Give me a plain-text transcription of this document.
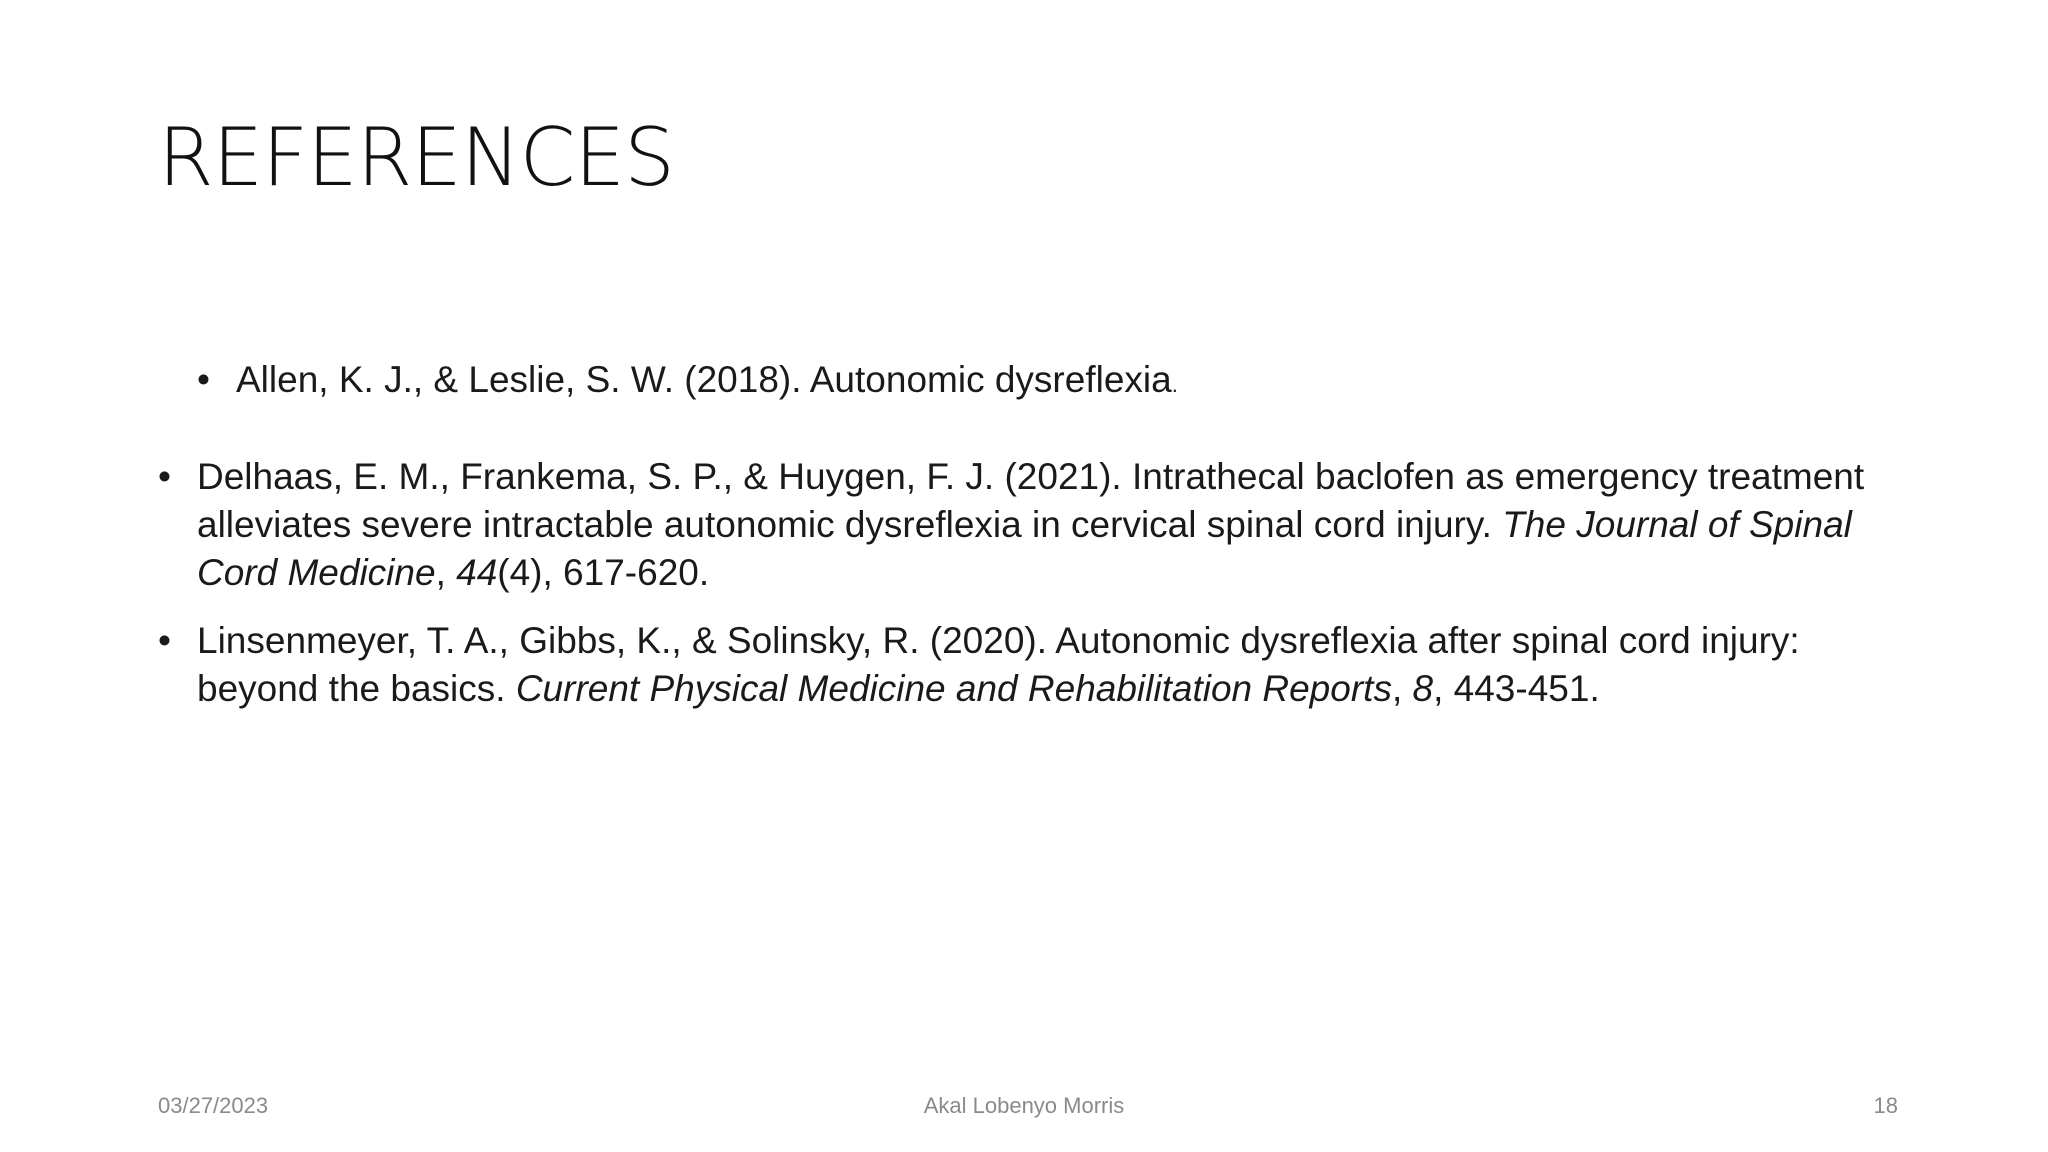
REFERENCES
• Allen, K. J., & Leslie, S. W. (2018). Autonomic dysreflexia.
• Delhaas, E. M., Frankema, S. P., & Huygen, F. J. (2021). Intrathecal baclofen as emergency treatment alleviates severe intractable autonomic dysreflexia in cervical spinal cord injury. The Journal of Spinal Cord Medicine, 44(4), 617-620.
• Linsenmeyer, T. A., Gibbs, K., & Solinsky, R. (2020). Autonomic dysreflexia after spinal cord injury: beyond the basics. Current Physical Medicine and Rehabilitation Reports, 8, 443-451.
03/27/2023	Akal Lobenyo Morris	18
